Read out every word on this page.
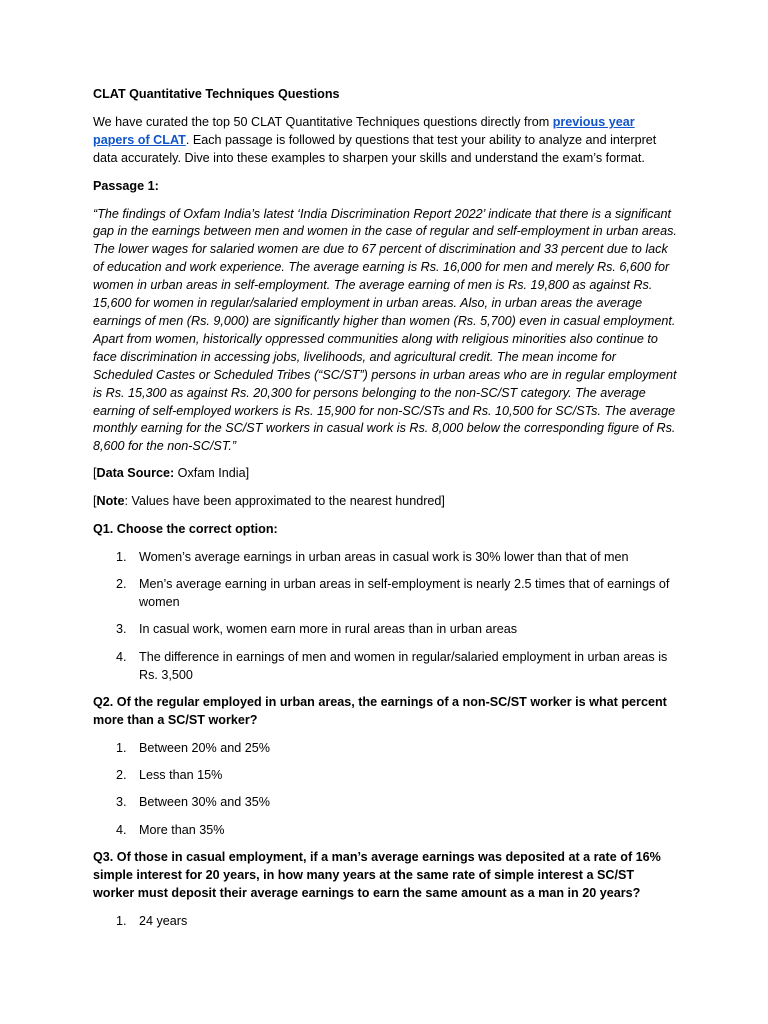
CLAT Quantitative Techniques Questions

We have curated the top 50 CLAT Quantitative Techniques questions directly from previous year papers of CLAT. Each passage is followed by questions that test your ability to analyze and interpret data accurately. Dive into these examples to sharpen your skills and understand the exam’s format.

Passage 1:

“The findings of Oxfam India’s latest ‘India Discrimination Report 2022’ indicate that there is a significant gap in the earnings between men and women in the case of regular and self-employment in urban areas. The lower wages for salaried women are due to 67 percent of discrimination and 33 percent due to lack of education and work experience. The average earning is Rs. 16,000 for men and merely Rs. 6,600 for women in urban areas in self-employment. The average earning of men is Rs. 19,800 as against Rs. 15,600 for women in regular/salaried employment in urban areas. Also, in urban areas the average earnings of men (Rs. 9,000) are significantly higher than women (Rs. 5,700) even in casual employment. Apart from women, historically oppressed communities along with religious minorities also continue to face discrimination in accessing jobs, livelihoods, and agricultural credit. The mean income for Scheduled Castes or Scheduled Tribes (“SC/ST”) persons in urban areas who are in regular employment is Rs. 15,300 as against Rs. 20,300 for persons belonging to the non-SC/ST category. The average earning of self-employed workers is Rs. 15,900 for non-SC/STs and Rs. 10,500 for SC/STs. The average monthly earning for the SC/ST workers in casual work is Rs. 8,000 below the corresponding figure of Rs. 8,600 for the non-SC/ST.”

[Data Source: Oxfam India]

[Note: Values have been approximated to the nearest hundred]

Q1. Choose the correct option:

1. Women’s average earnings in urban areas in casual work is 30% lower than that of men
2. Men’s average earning in urban areas in self-employment is nearly 2.5 times that of earnings of women
3. In casual work, women earn more in rural areas than in urban areas
4. The difference in earnings of men and women in regular/salaried employment in urban areas is Rs. 3,500

Q2. Of the regular employed in urban areas, the earnings of a non-SC/ST worker is what percent more than a SC/ST worker?

1. Between 20% and 25%
2. Less than 15%
3. Between 30% and 35%
4. More than 35%

Q3. Of those in casual employment, if a man’s average earnings was deposited at a rate of 16% simple interest for 20 years, in how many years at the same rate of simple interest a SC/ST worker must deposit their average earnings to earn the same amount as a man in 20 years?

1. 24 years
